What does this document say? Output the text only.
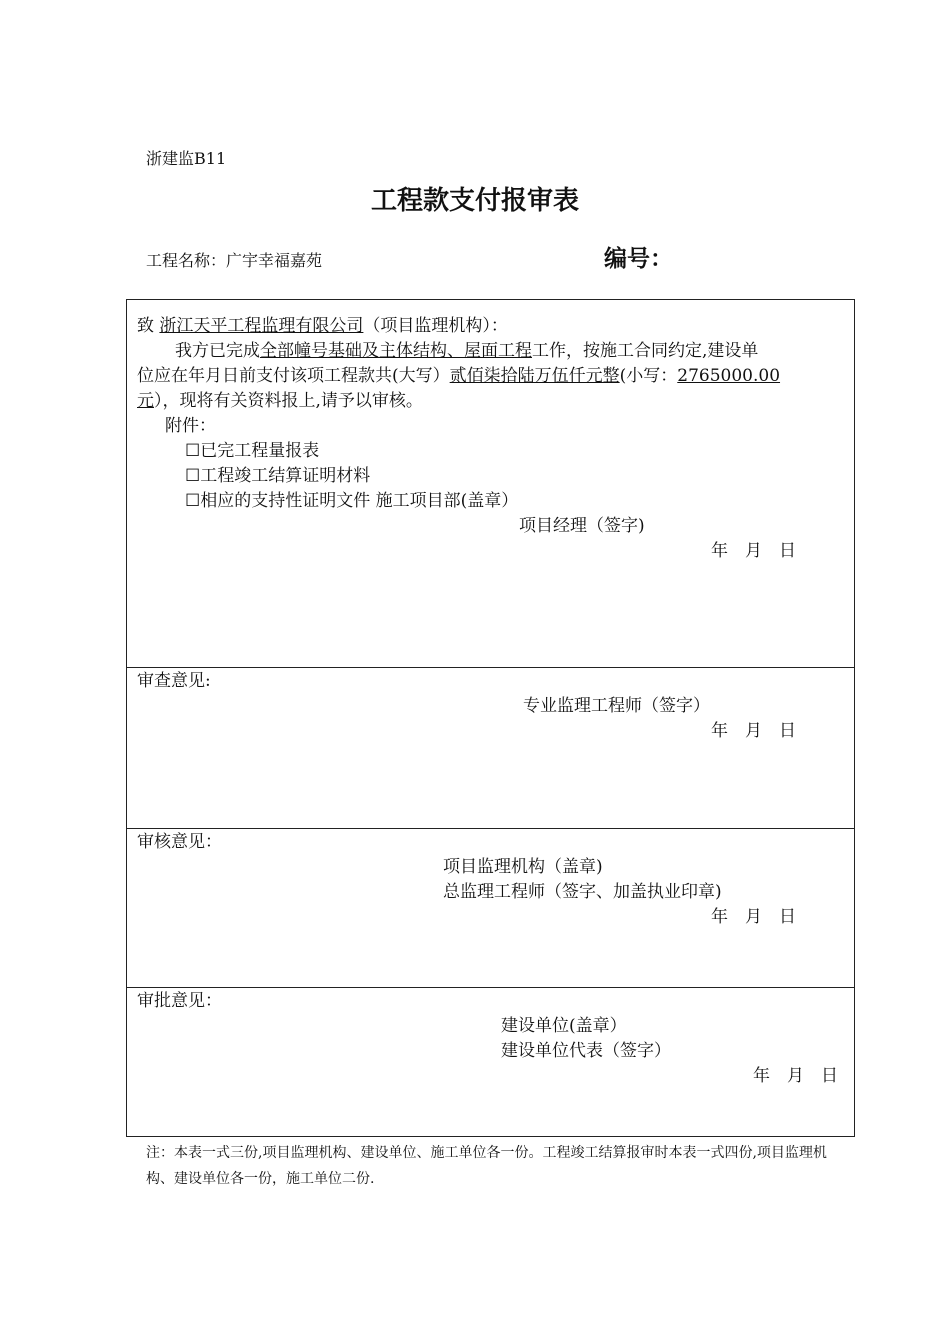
浙建监B11
工程款支付报审表
工程名称：广宇幸福嘉苑	编号：
致 浙江天平工程监理有限公司（项目监理机构）：
我方已完成全部幢号基础及主体结构、屋面工程工作，按施工合同约定,建设单
位应在年月日前支付该项工程款共(大写）贰佰柒拾陆万伍仟元整(小写：2765000.00
元），现将有关资料报上,请予以审核。
附件：
☐已完工程量报表
☐工程竣工结算证明材料
☐相应的支持性证明文件 施工项目部(盖章）
项目经理（签字)
年　月　日
审查意见:
专业监理工程师（签字）
年　月　日
审核意见：
项目监理机构（盖章)
总监理工程师（签字、加盖执业印章)
年　月　日
审批意见：
建设单位(盖章）
建设单位代表（签字）
年　月　日
注：本表一式三份,项目监理机构、建设单位、施工单位各一份。工程竣工结算报审时本表一式四份,项目监理机构、建设单位各一份，施工单位二份.
